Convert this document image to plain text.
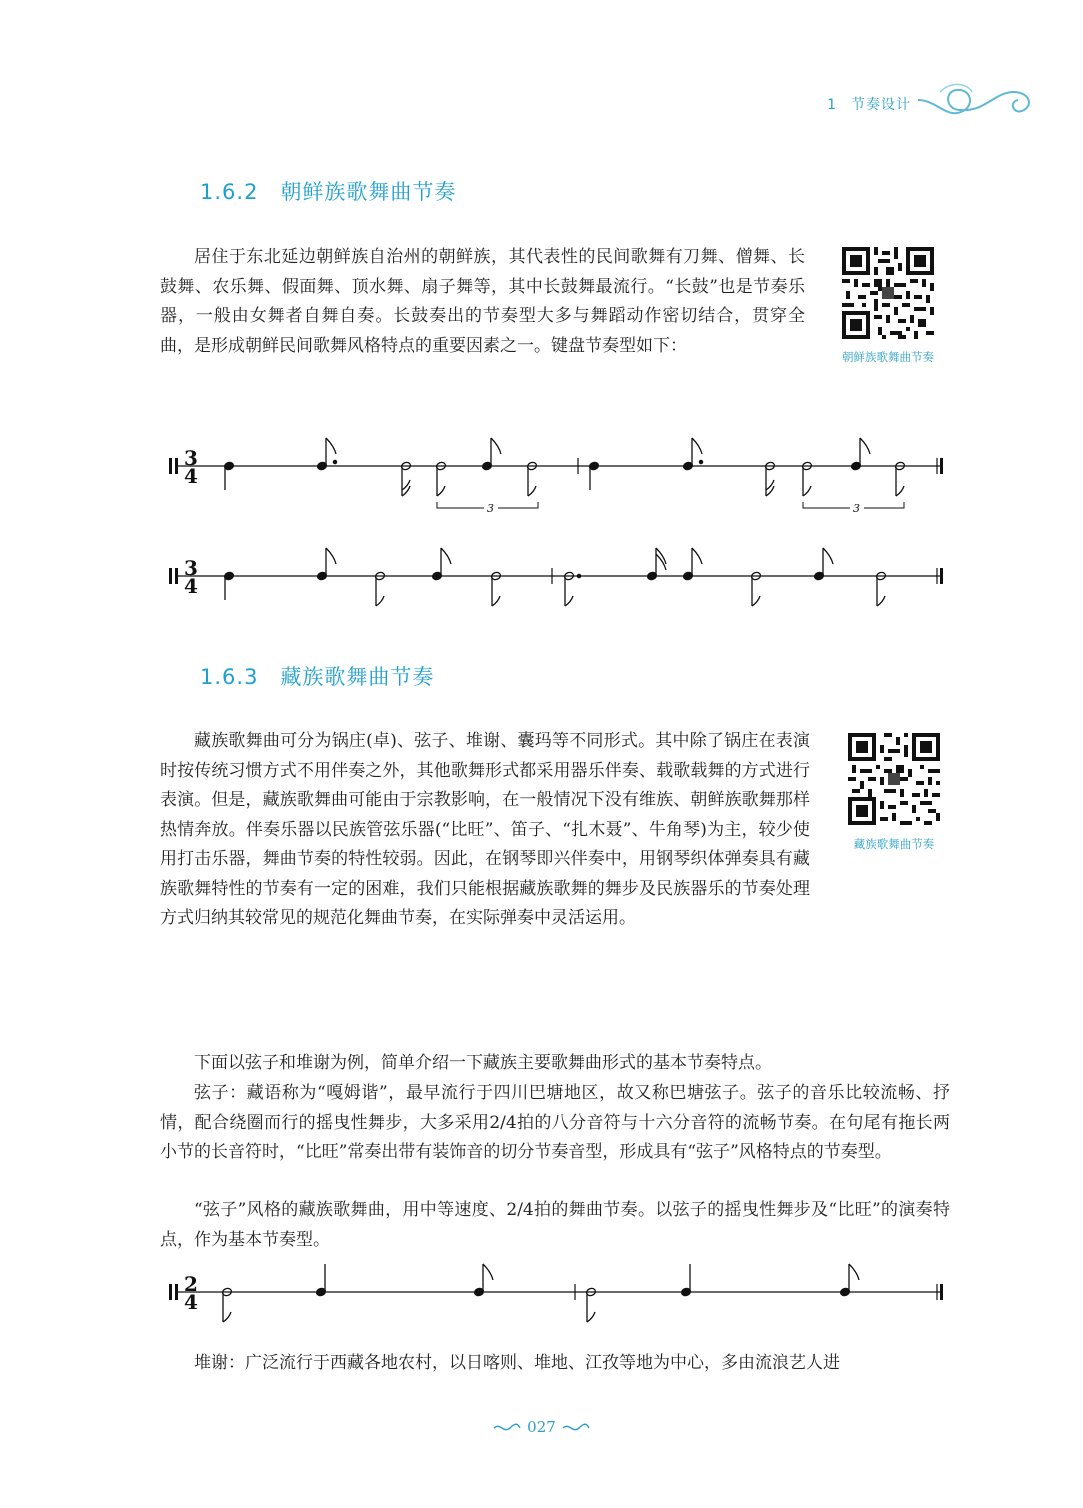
1 节奏设计
1.6.2 朝鲜族歌舞曲节奏
居住于东北延边朝鲜族自治州的朝鲜族，其代表性的民间歌舞有刀舞、僧舞、长鼓舞、农乐舞、假面舞、顶水舞、扇子舞等，其中长鼓舞最流行。“长鼓”也是节奏乐器，一般由女舞者自舞自奏。长鼓奏出的节奏型大多与舞蹈动作密切结合，贯穿全曲，是形成朝鲜民间歌舞风格特点的重要因素之一。键盘节奏型如下：
朝鲜族歌舞曲节奏
3
4
3	3
3
4
1.6.3 藏族歌舞曲节奏
藏族歌舞曲可分为锅庄(卓)、弦子、堆谢、囊玛等不同形式。其中除了锅庄在表演时按传统习惯方式不用伴奏之外，其他歌舞形式都采用器乐伴奏、载歌载舞的方式进行表演。但是，藏族歌舞曲可能由于宗教影响，在一般情况下没有维族、朝鲜族歌舞那样热情奔放。伴奏乐器以民族管弦乐器(“比旺”、笛子、“扎木聂”、牛角琴)为主，较少使用打击乐器，舞曲节奏的特性较弱。因此，在钢琴即兴伴奏中，用钢琴织体弹奏具有藏族歌舞特性的节奏有一定的困难，我们只能根据藏族歌舞的舞步及民族器乐的节奏处理方式归纳其较常见的规范化舞曲节奏，在实际弹奏中灵活运用。
藏族歌舞曲节奏
下面以弦子和堆谢为例，简单介绍一下藏族主要歌舞曲形式的基本节奏特点。
弦子：藏语称为“嘎姆谐”，最早流行于四川巴塘地区，故又称巴塘弦子。弦子的音乐比较流畅、抒情，配合绕圈而行的摇曳性舞步，大多采用2/4拍的八分音符与十六分音符的流畅节奏。在句尾有拖长两小节的长音符时，“比旺”常奏出带有装饰音的切分节奏音型，形成具有“弦子”风格特点的节奏型。
“弦子”风格的藏族歌舞曲，用中等速度、2/4拍的舞曲节奏。以弦子的摇曳性舞步及“比旺”的演奏特点，作为基本节奏型。
2
4
堆谢：广泛流行于西藏各地农村，以日喀则、堆地、江孜等地为中心，多由流浪艺人进
027
